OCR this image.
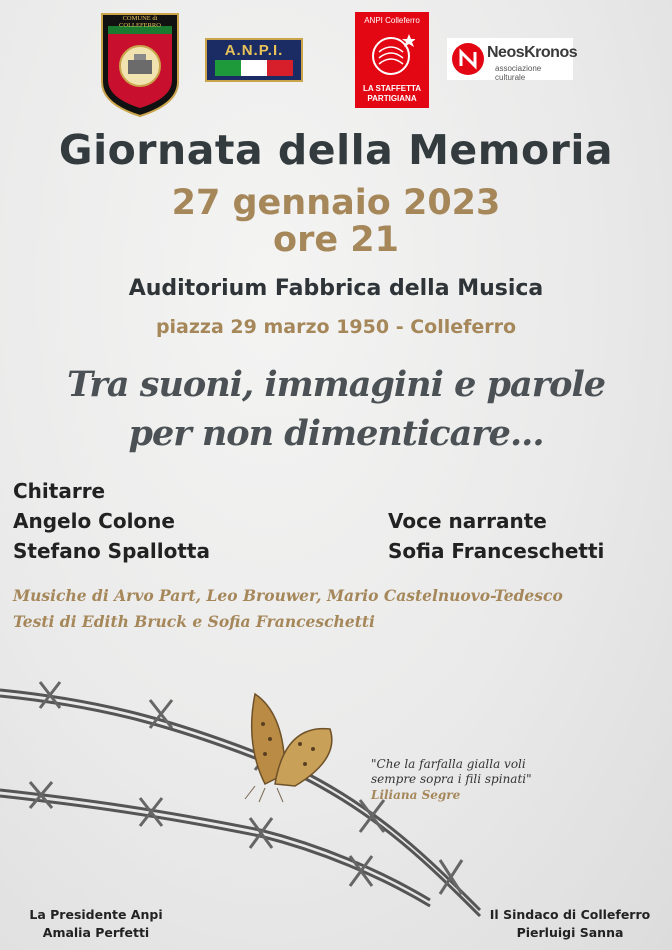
COMUNE di COLLEFERRO
A.N.P.I.
ANPI Colleferro
LA STAFFETTA
PARTIGIANA
NeosKronos
associazione culturale
Giornata della Memoria
27 gennaio 2023
ore 21
Auditorium Fabbrica della Musica
piazza 29 marzo 1950 - Colleferro
Tra suoni, immagini e parole
per non dimenticare...
Chitarre
Angelo Colone
Stefano Spallotta
Voce narrante
Sofia Franceschetti
Musiche di Arvo Part, Leo Brouwer, Mario Castelnuovo-Tedesco
Testi di Edith Bruck e Sofia Franceschetti
"Che la farfalla gialla voli
sempre sopra i fili spinati"
Liliana Segre
La Presidente Anpi
Amalia Perfetti
Il Sindaco di Colleferro
Pierluigi Sanna
